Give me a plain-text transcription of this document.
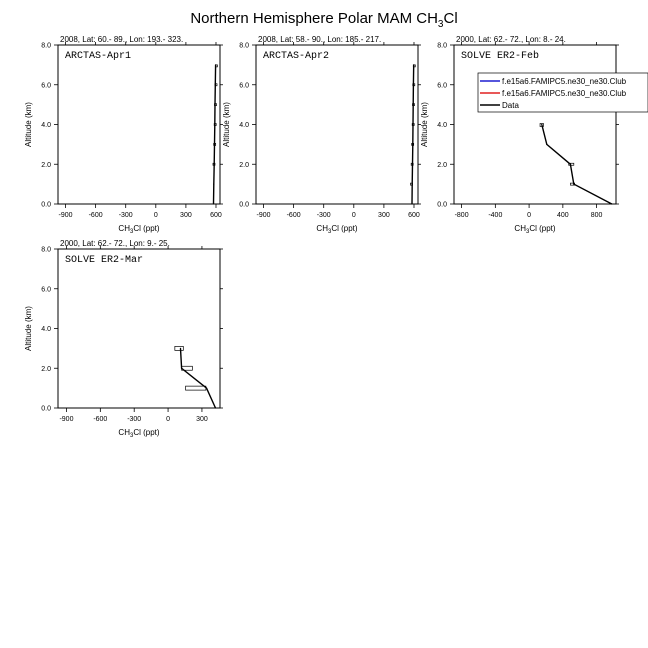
Northern Hemisphere Polar MAM $CH_3Cl$
2008, Lat: 60.- 89., Lon: 193.- 323.
ARCTAS-Apr1
-900 -600 -300	0	300	600
0.0
2.0
4.0
6.0
8.0
$CH_3Cl$ (ppt)
Altitude (km)
2008, Lat: 58.- 90., Lon: 185.- 217.
ARCTAS-Apr2
-900 -600 -300	0	300	600
0.0
2.0
4.0
6.0
8.0
$CH_3Cl$ (ppt)
Altitude (km)
2000, Lat: 62.- 72., Lon: 8.- 24.
SOLVE ER2-Feb
-800	-400	0	400	800
0.0
2.0
4.0
6.0
8.0
$CH_3Cl$ (ppt)
Altitude (km)
2000, Lat: 62.- 72., Lon: 9.- 25.
SOLVE ER2-Mar
-900	-600	-300	0	300
0.0
2.0
4.0
6.0
8.0
$CH_3Cl$ (ppt)
Altitude (km)
f.e15a6.FAMIPC5.ne30_ne30.Club
f.e15a6.FAMIPC5.ne30_ne30.Club
Data
